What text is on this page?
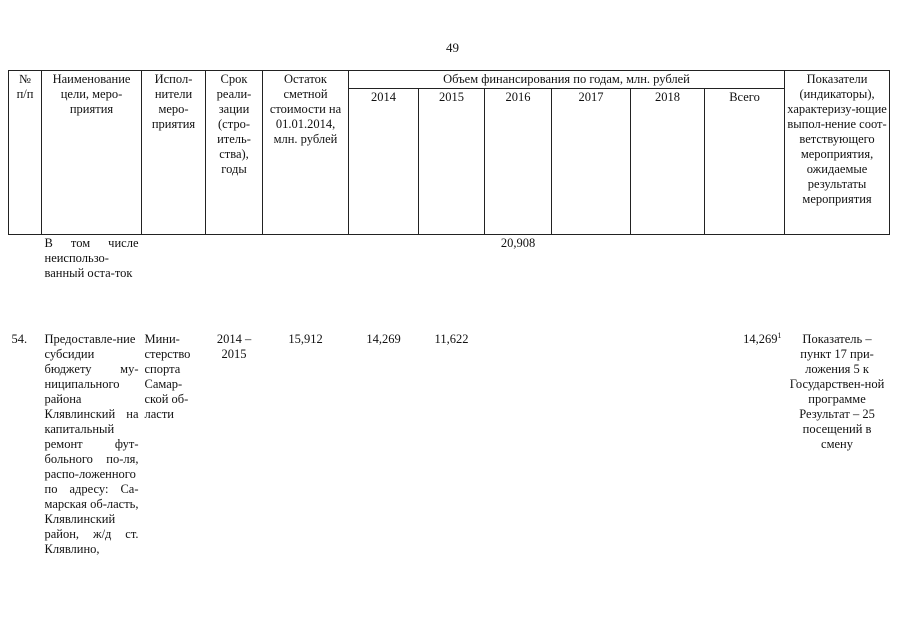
49
№
п/п	Наименование цели, меро-приятия	Испол-нители меро-приятия	Срок реали-зации (стро-итель-ства), годы	Остаток сметной стоимости на 01.01.2014, млн. рублей	Объем финансирования по годам, млн. рублей						Показатели (индикаторы), характеризу-ющие выпол-нение соот-ветствующего мероприятия, ожидаемые результаты мероприятия
					2014	2015	2016	2017	2018	Всего	
	В том числе неиспользо-ванный оста-ток						20,908				
54.	Предоставле-ние субсидии бюджету му-ниципального района Клявлинский на капитальный ремонт фут-больного по-ля, распо-ложенного по адресу: Са-марская об-ласть, Клявлинский район, ж/д ст. Клявлино,	Мини-стерство спорта Самар-ской об-ласти	2014 – 2015	15,912	14,269	11,622				14,269$^1$	Показатель – пункт 17 при-ложения 5 к Государствен-ной программе Результат – 25 посещений в смену
